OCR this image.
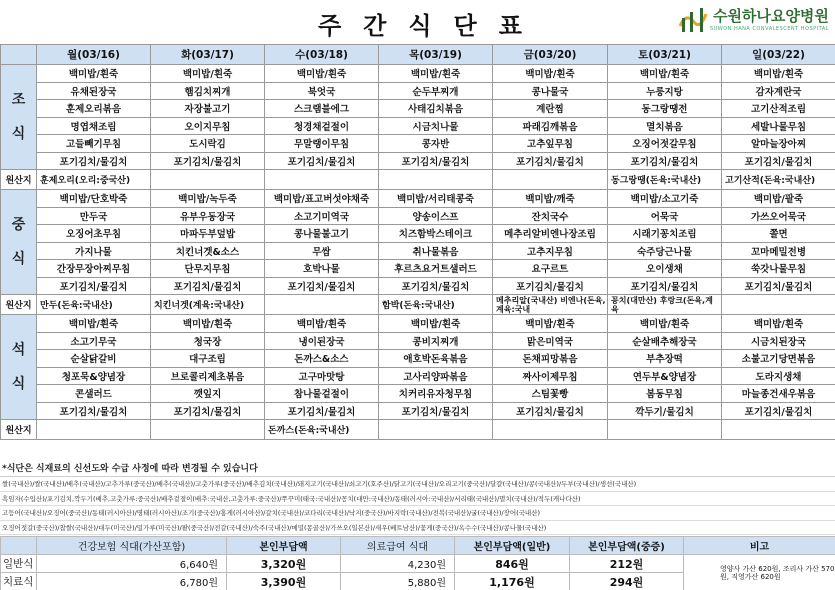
주간식단표	수원하나요양병원
SUWON HANA CONVALESCENT HOSPITAL
	월(03/16)	화(03/17)	수(03/18)	목(03/19)	금(03/20)	토(03/21)	일(03/22)

조
식	백미밥/흰죽	백미밥/흰죽	백미밥/흰죽	백미밥/흰죽	백미밥/흰죽	백미밥/흰죽	백미밥/흰죽
	유채된장국	햄김치찌개	북엇국	순두부찌개	콩나물국	누룽지탕	감자계란국
	훈제오리볶음	자장불고기	스크램블에그	사태김치볶음	계란찜	동그랑땡전	고기산적조림
	명엽채조림	오이지무침	청경채겉절이	시금치나물	파래김깨볶음	멸치볶음	세발나물무침
	고들빼기무침	도시락김	무말랭이무침	콩자반	고추잎무침	오징어젓갈무침	알마늘장아찌
	포기김치/물김치	포기김치/물김치	포기김치/물김치	포기김치/물김치	포기김치/물김치	포기김치/물김치	포기김치/물김치
원산지	훈제오리(오리:중국산)					동그랑땡(돈육:국내산)	고기산적(돈육:국내산)

중
식	백미밥/단호박죽	백미밥/녹두죽	백미밥/표고버섯야채죽	백미밥/서리태콩죽	백미밥/깨죽	백미밥/소고기죽	백미밥/팥죽
	만두국	유부우동장국	소고기미역국	양송이스프	잔치국수	어묵국	가쓰오어묵국
	오징어초무침	마파두부덮밥	콩나물불고기	치즈함박스테이크	메추리알비엔나장조림	시래기꽁치조림	쫄면
	가지나물	치킨너겟&소스	무쌈	취나물볶음	고추지무침	숙주당근나물	꼬마메밀전병
	간장무장아찌무침	단무지무침	호박나물	후르츠요거트샐러드	요구르트	오이생채	쑥갓나물무침
	포기김치/물김치	포기김치/물김치	포기김치/물김치	포기김치/물김치	포기김치/물김치	포기김치/물김치	포기김치/물김치
원산지	만두(돈육:국내산)	치킨너겟(계육:국내산)		함박(돈육:국내산)	메추리알(국내산) 비엔나(돈육,계육:국내	꽁치(대만산) 후랑크(돈육,계육	

석
식	백미밥/흰죽	백미밥/흰죽	백미밥/흰죽	백미밥/흰죽	백미밥/흰죽	백미밥/흰죽	백미밥/흰죽
	소고기무국	청국장	냉이된장국	콩비지찌개	맑은미역국	순살배추해장국	시금치된장국
	순살닭갈비	대구조림	돈까스&소스	애호박돈육볶음	돈채피망볶음	부추장떡	소불고기당면볶음
	청포묵&양념장	브로콜리제초볶음	고구마맛탕	고사리양파볶음	짜사이제무침	연두부&양념장	도라지생채
	콘샐러드	깻잎지	참나물겉절이	치커리유자청무침	스팀꽃빵	봄동무침	마늘종건새우볶음
	포기김치/물김치	포기김치/물김치	포기김치/물김치	포기김치/물김치	포기김치/물김치	깍두기/물김치	포기김치/물김치
원산지			돈까스(돈육:국내산)				
*식단은 식재료의 신선도와 수급 사정에 따라 변경될 수 있습니다
쌀(국내산)/쌀(국내산)/배추(국내산)/고추가루(중국산)/배추(국내산)/고춧가루(중국산)/배추김치(국내산)/돼지고기(국내산)/쇠고기(호주산)/닭고기(국내산)/오리고기(중국산)/달걀(국내산)/콩(국내산)/두부(국내산)/생선(국내산)
흑임자(수입산)/포기김치,깍두기(배추,고춧가루:중국산)/배추겉절이(배추:국내산,고춧가루:중국산)/쭈꾸미(태국:국내산)/꽁치(대만:국내산)/동태(러시아:국내산)/서리태(국내산)/멸치(국내산)/적두(캐나다산)
고등어(국내산)/오징어(중국산)/동태(러시아산)/명태(러시아산)/조기(중국산)/홍게(러시아산)/갈치(국내산)/코다리(국내산)/낙지(중국산)/바지락(국내산)/전복(국내산)/굴(국내산)/장어(국내산)
오징어젓갈(중국산)/찹쌀(국내산)/대두(미국산)/밀가루(미국산)/팥(중국산)/전갈(국내산)/숙주(국내산)/메밀(몽골산)/가쓰오(일본산)/새우(베트남산)/꽃게(중국산)/옥수수(국내산)/콩나물(국내산)
	건강보험 식대(가산포함)	본인부담액	의료급여 식대	본인부담액(일반)	본인부담액(중증)	비고
일반식	6,640원	3,320원	4,230원	846원	212원	영양사 가산 620원, 조리사 가산 570원, 직영가산 620원
치료식	6,780원	3,390원	5,880원	1,176원	294원	
